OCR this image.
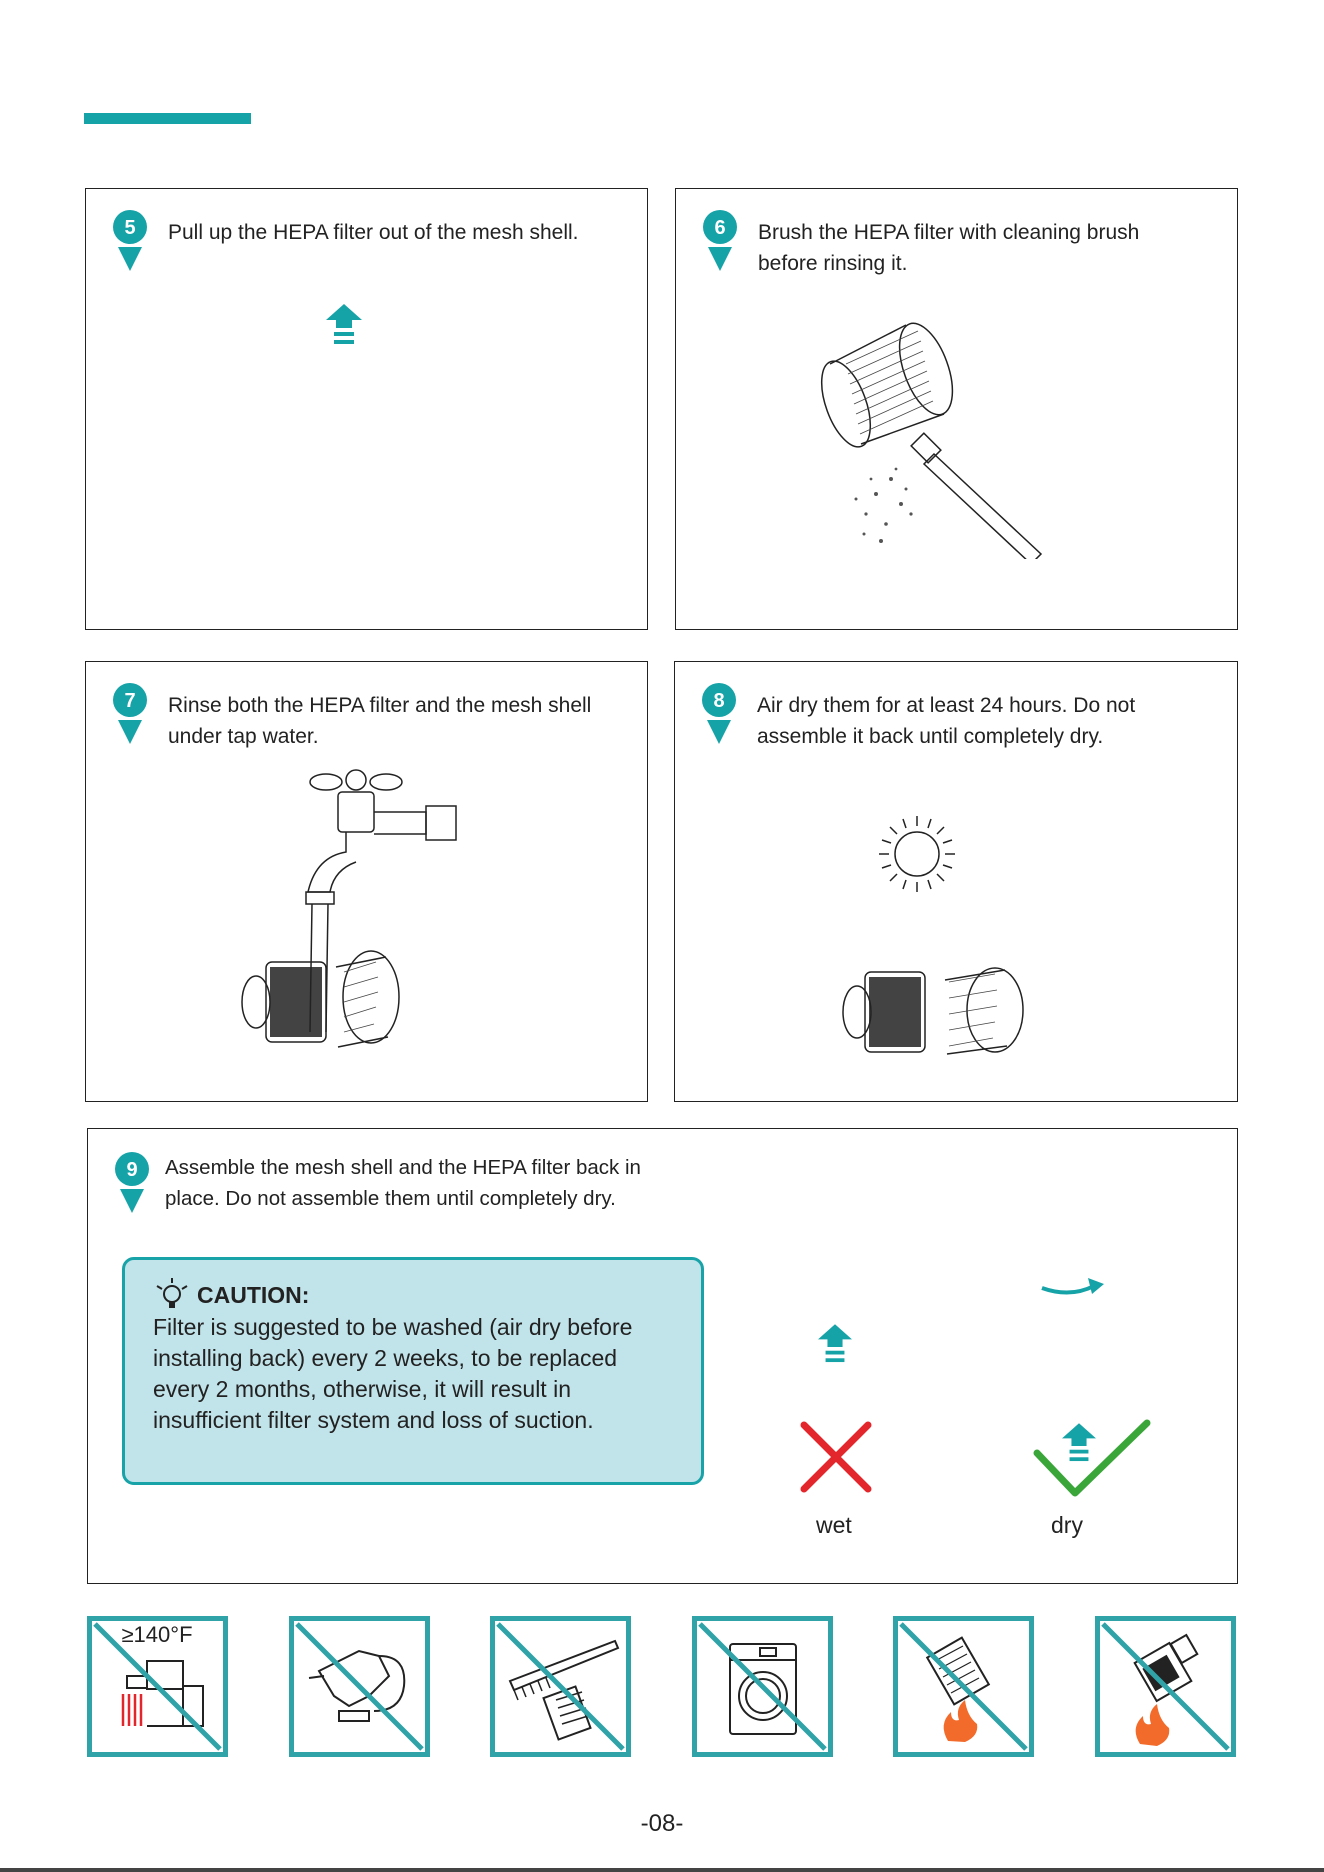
5 Pull up the HEPA filter out of the mesh shell.	6 Brush the HEPA filter with cleaning brush before rinsing it.
7 Rinse both the HEPA filter and the mesh shell under tap water.
8 Air dry them for at least 24 hours. Do not assemble it back until completely dry.
9 Assemble the mesh shell and the HEPA filter back in place. Do not assemble them until completely dry.
CAUTION:
Filter is suggested to be washed (air dry before installing back) every 2 weeks, to be replaced every 2 months, otherwise, it will result in insufficient filter system and loss of suction.
wet	dry
≥140°F
-08-
